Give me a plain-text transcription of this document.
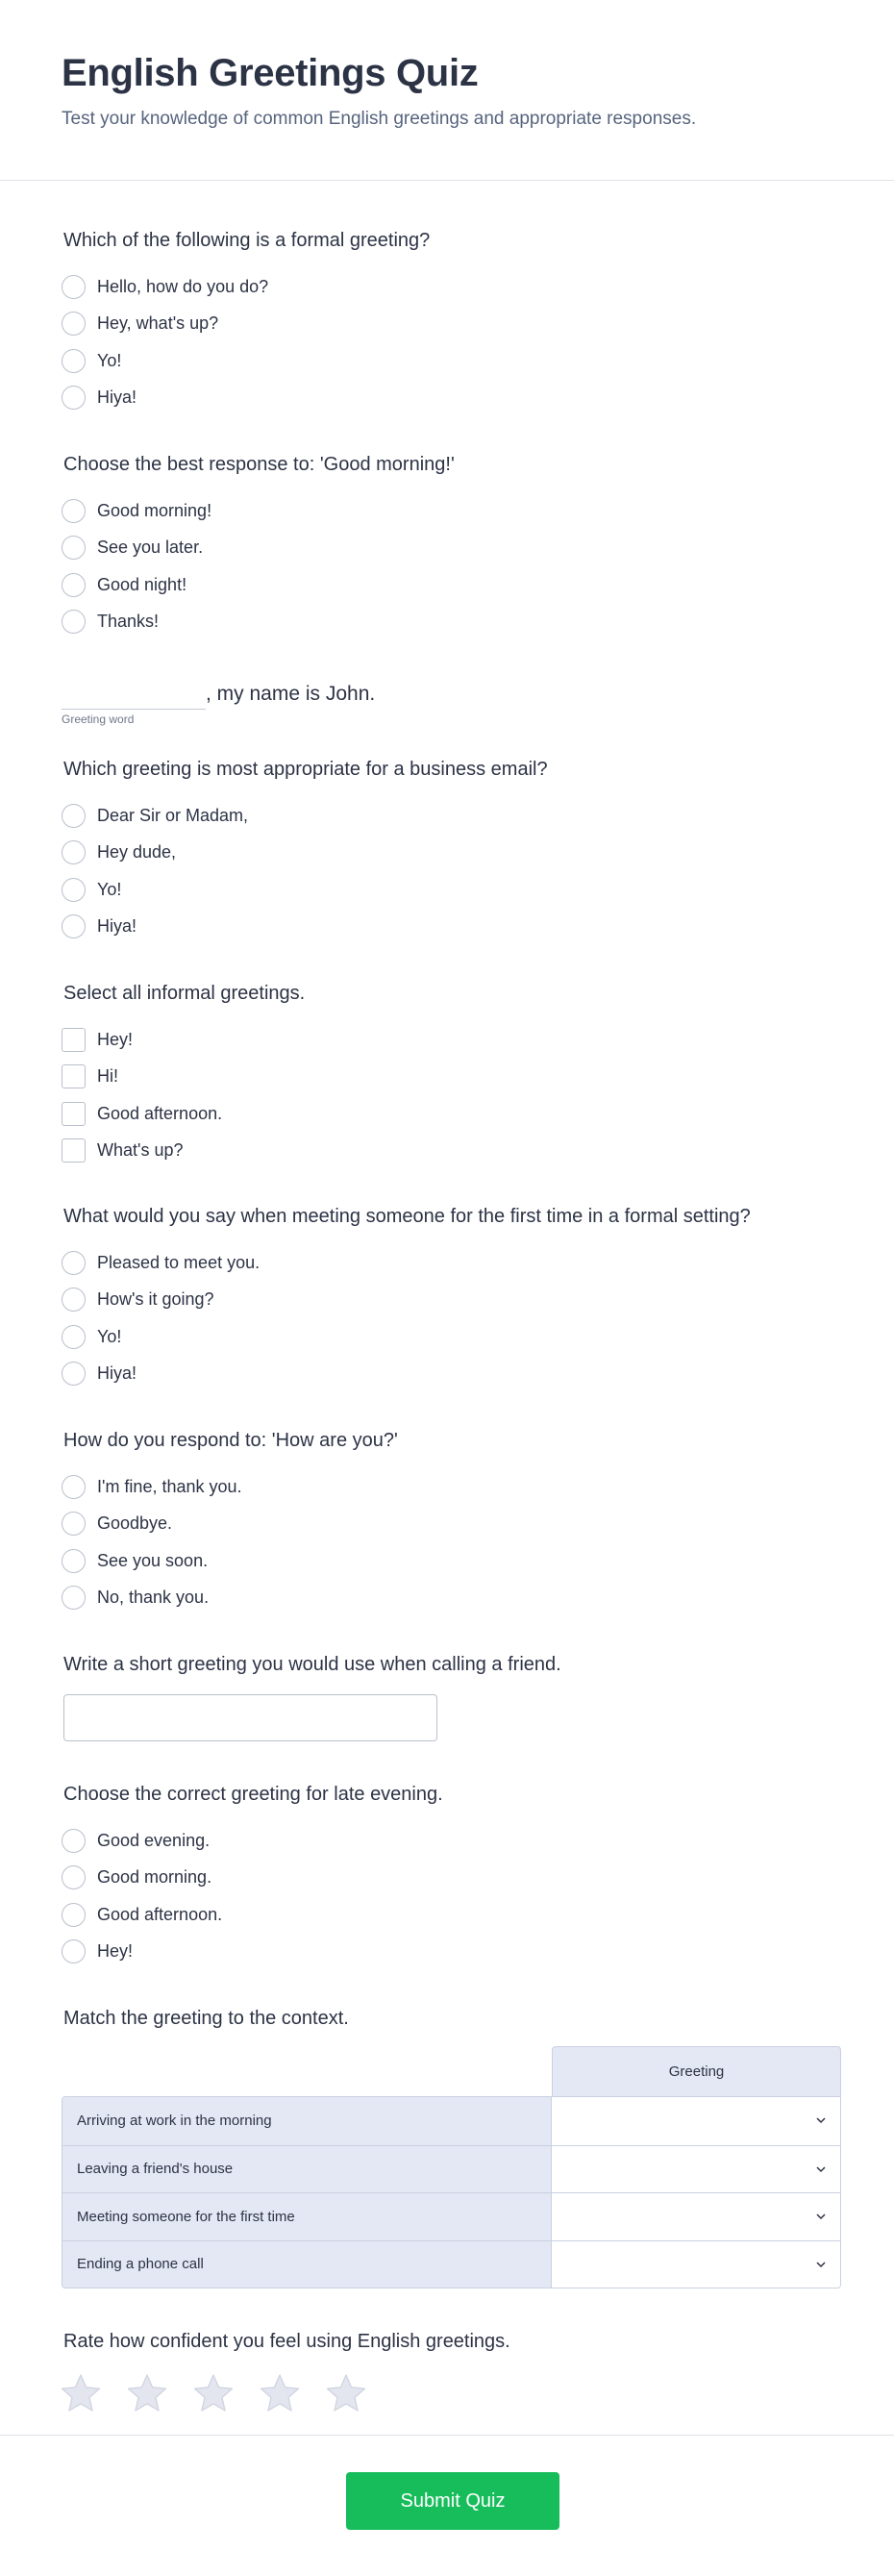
English Greetings Quiz
Test your knowledge of common English greetings and appropriate responses.
Which of the following is a formal greeting?
Hello, how do you do?
Hey, what's up?
Yo!
Hiya!
Choose the best response to: 'Good morning!'
Good morning!
See you later.
Good night!
Thanks!
, my name is John.
Greeting word
Which greeting is most appropriate for a business email?
Dear Sir or Madam,
Hey dude,
Yo!
Hiya!
Select all informal greetings.
Hey!
Hi!
Good afternoon.
What's up?
What would you say when meeting someone for the first time in a formal setting?
Pleased to meet you.
How's it going?
Yo!
Hiya!
How do you respond to: 'How are you?'
I'm fine, thank you.
Goodbye.
See you soon.
No, thank you.
Write a short greeting you would use when calling a friend.
Choose the correct greeting for late evening.
Good evening.
Good morning.
Good afternoon.
Hey!
Match the greeting to the context.
Greeting
Arriving at work in the morning
Leaving a friend's house
Meeting someone for the first time
Ending a phone call
Rate how confident you feel using English greetings.
Submit Quiz
